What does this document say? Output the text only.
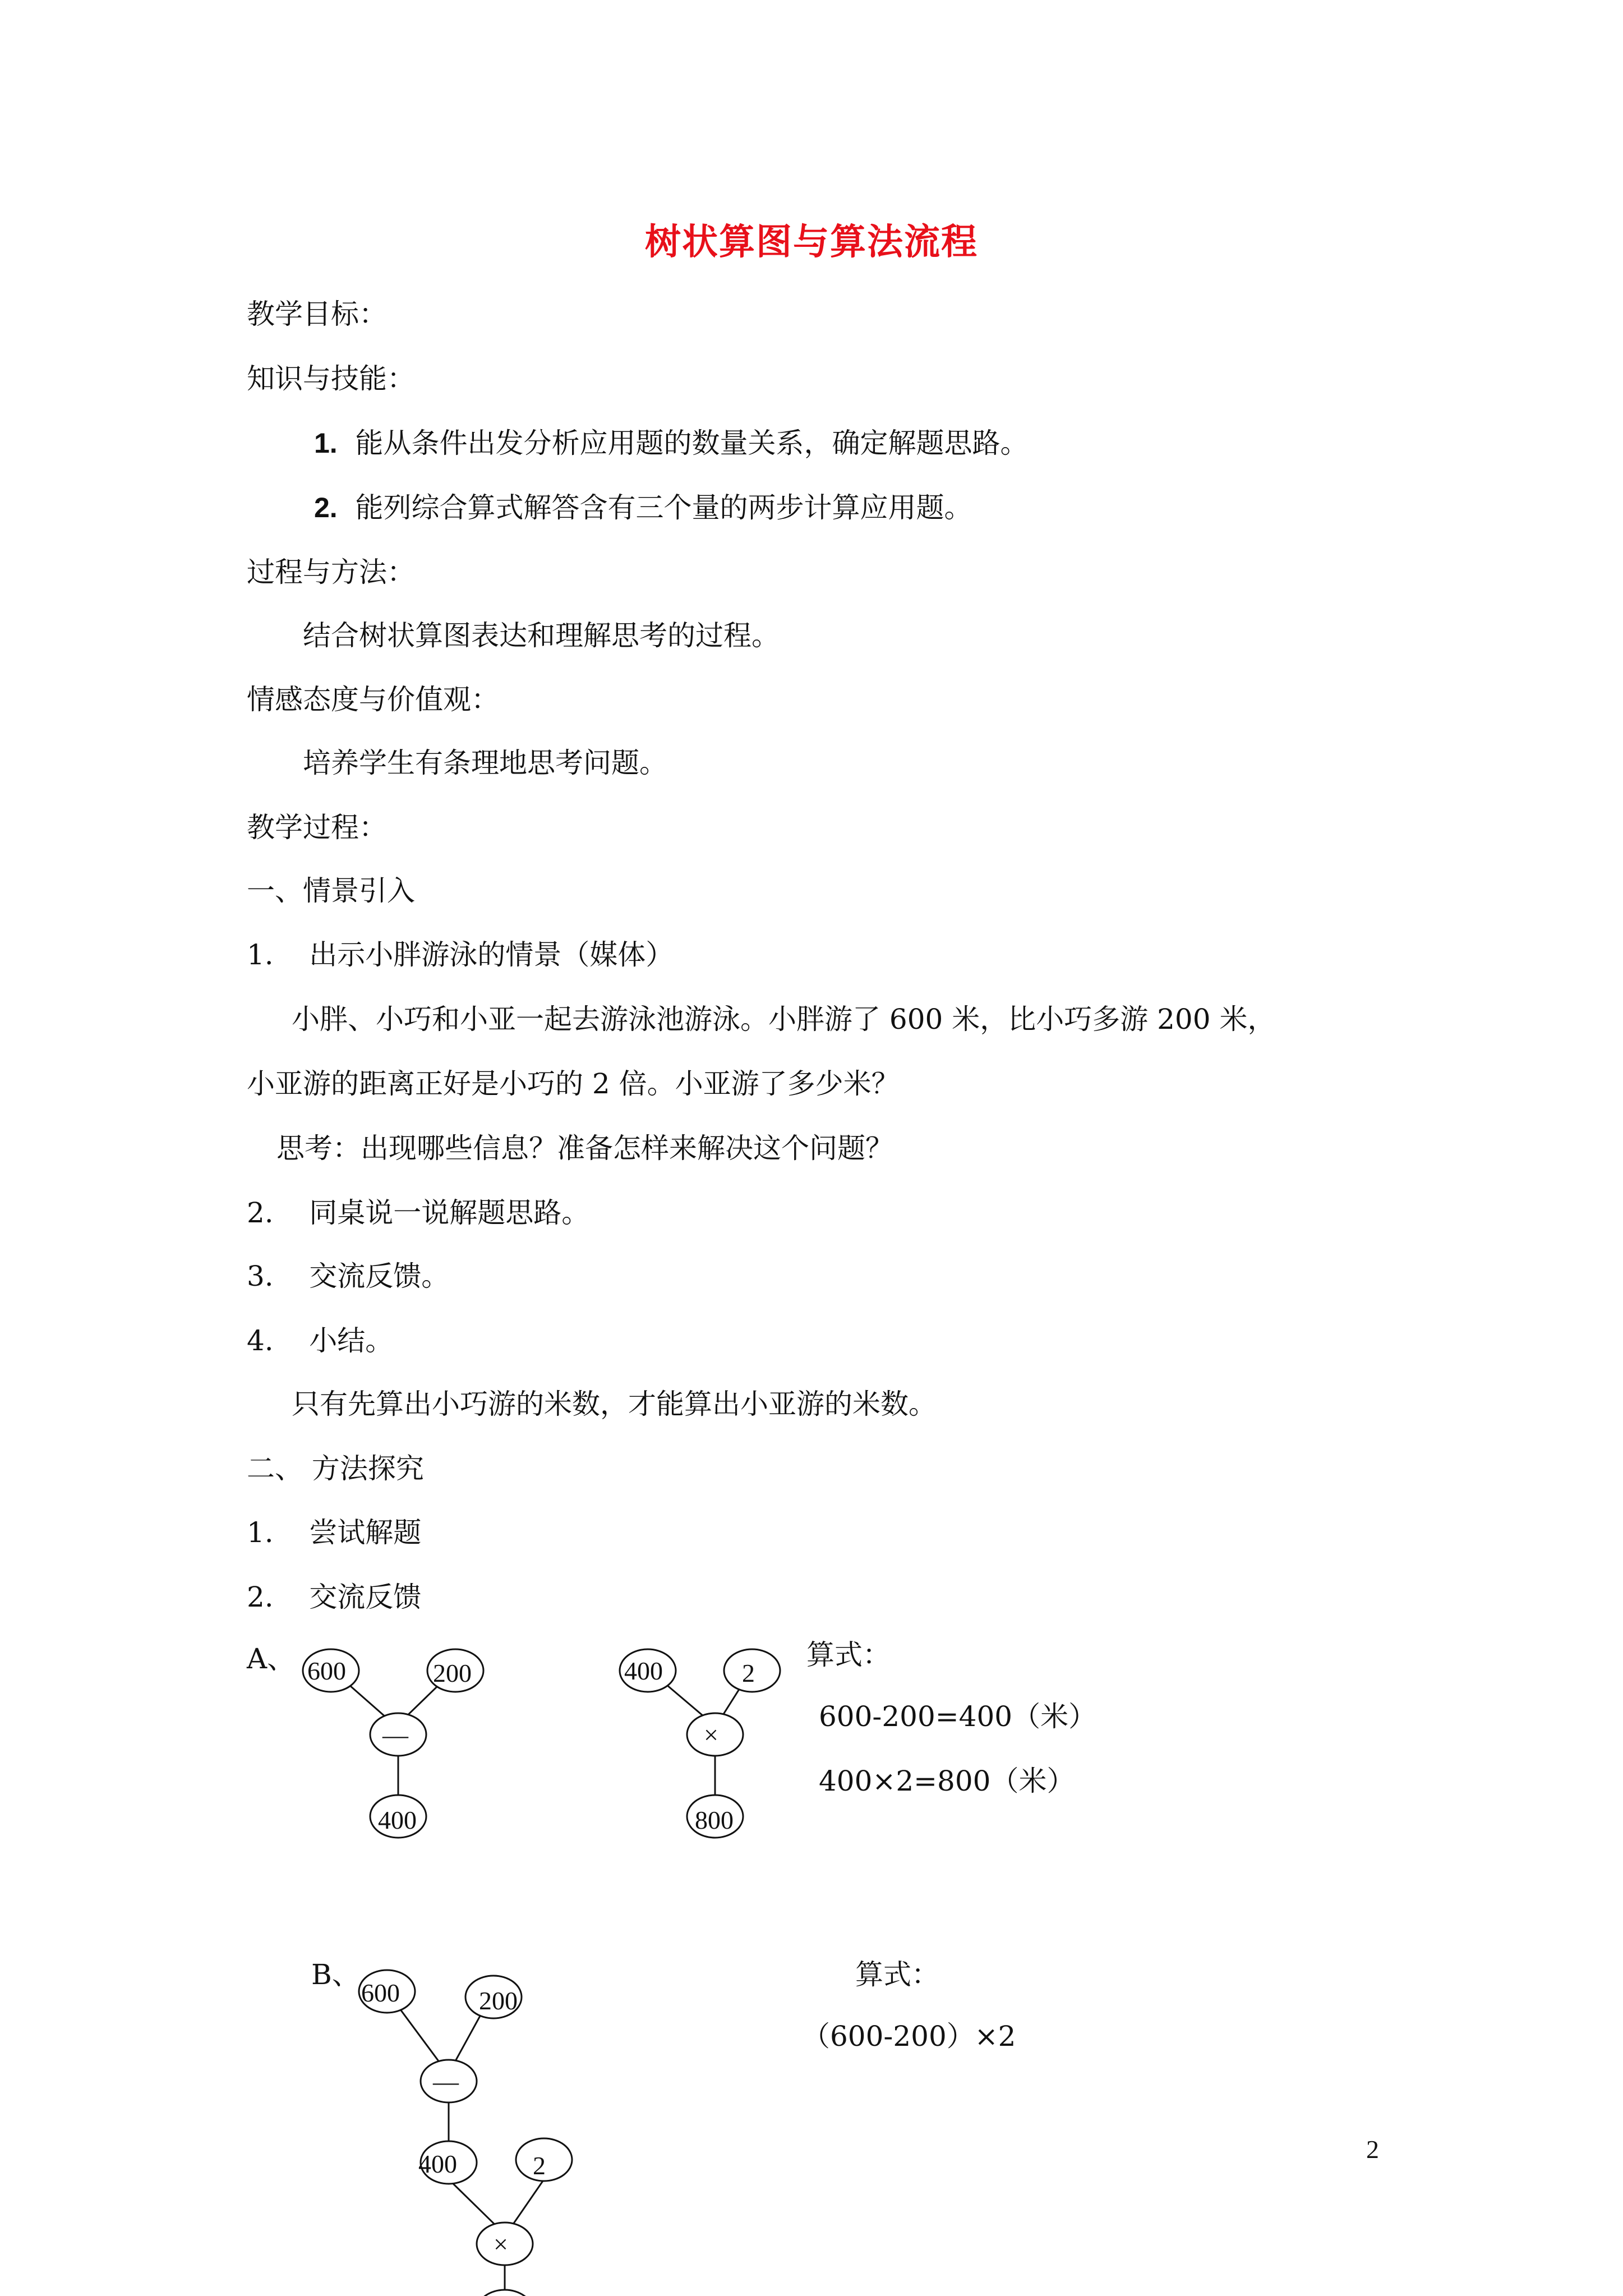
树状算图与算法流程
教学目标：
知识与技能：
1. 能从条件出发分析应用题的数量关系，确定解题思路。
2. 能列综合算式解答含有三个量的两步计算应用题。
过程与方法：
结合树状算图表达和理解思考的过程。
情感态度与价值观：
培养学生有条理地思考问题。
教学过程：
一、情景引入
1. 出示小胖游泳的情景（媒体）
小胖、小巧和小亚一起去游泳池游泳。小胖游了 600 米，比小巧多游 200 米，
小亚游的距离正好是小巧的 2 倍。小亚游了多少米？
思考：出现哪些信息？准备怎样来解决这个问题？
2. 同桌说一说解题思路。
3. 交流反馈。
4. 小结。
只有先算出小巧游的米数，才能算出小亚游的米数。
二、 方法探究
1. 尝试解题
2. 交流反馈
A、 600	200
—
400
400	2
×
800
算式：
600-200=400（米）
400×2=800（米）
B、
600	200
—
400	2
×
算式：
（600-200）×2
2
